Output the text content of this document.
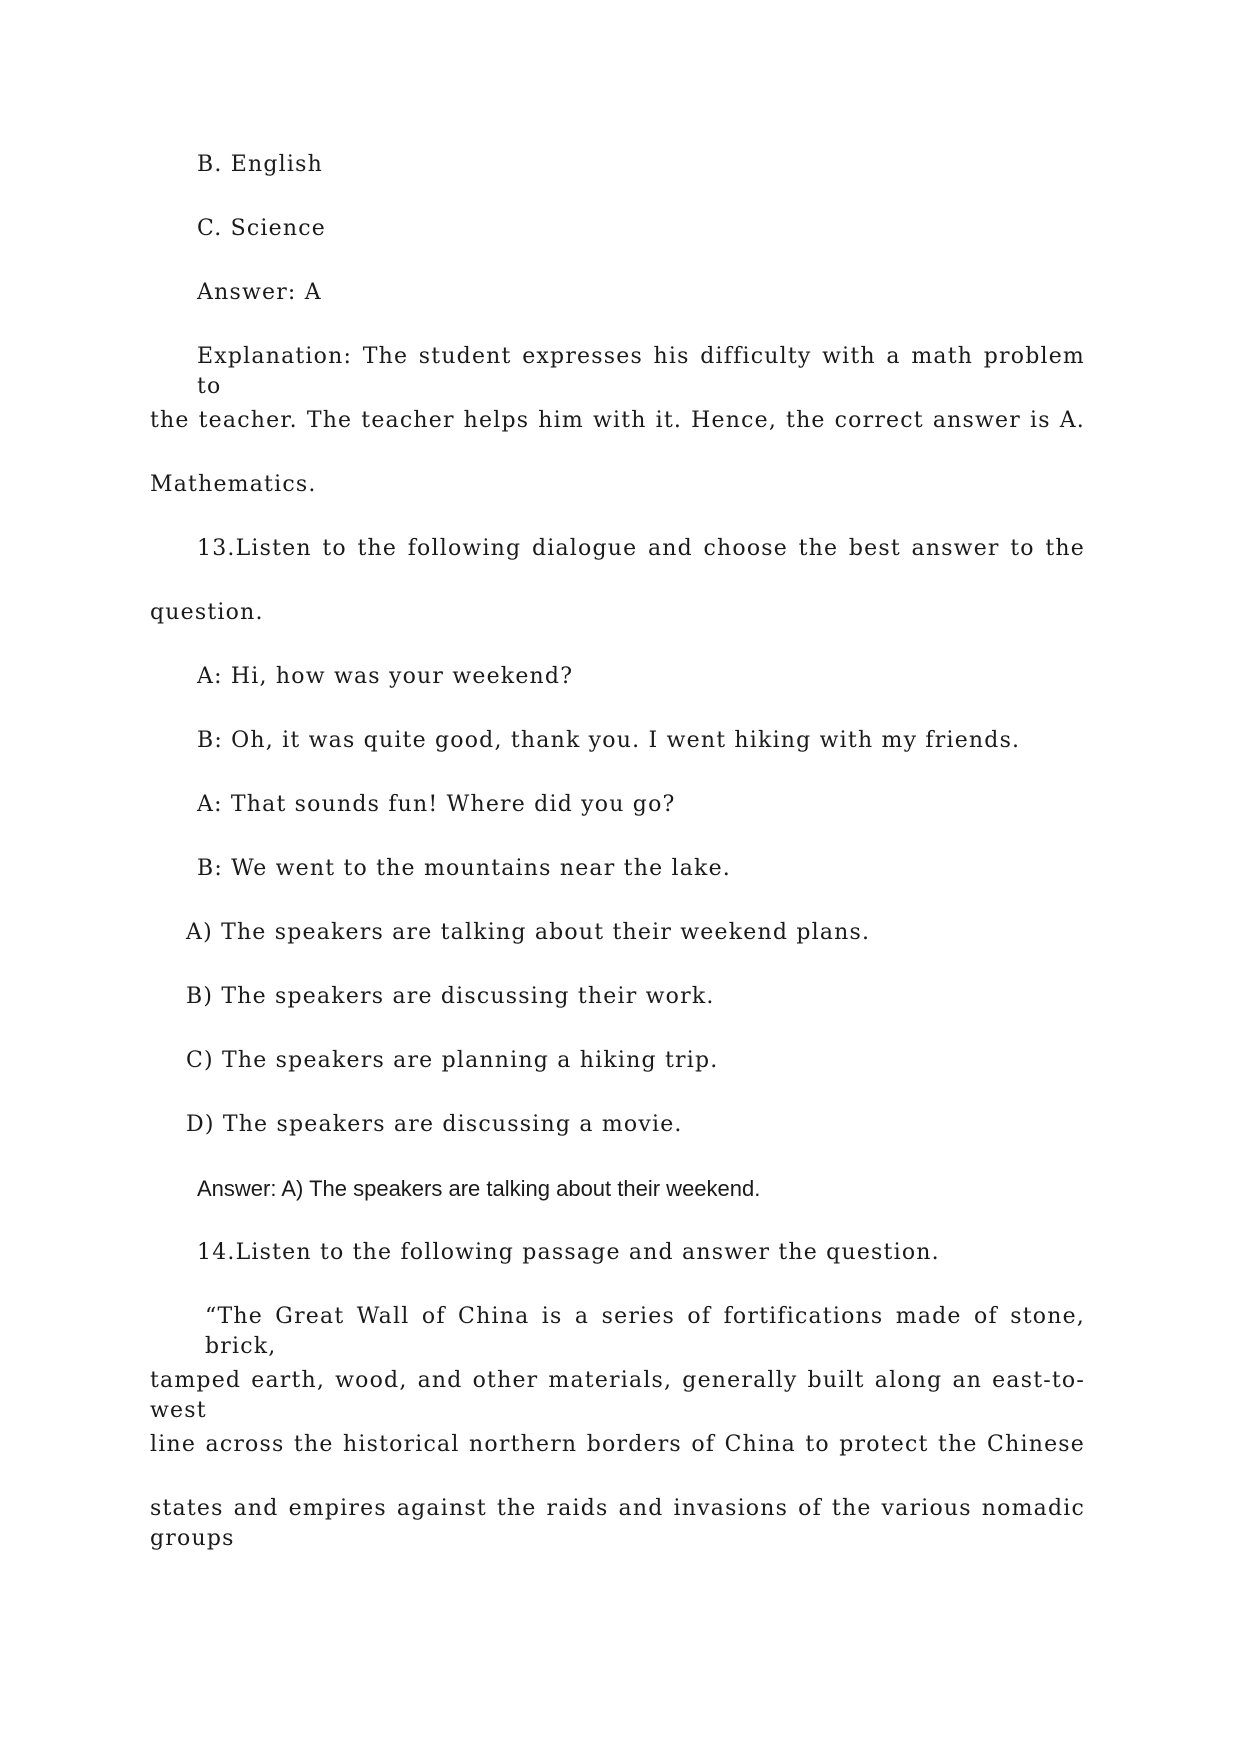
B. English
C. Science
Answer: A
Explanation: The student expresses his difficulty with a math problem to
the teacher. The teacher helps him with it. Hence, the correct answer is A.
Mathematics.
13.Listen to the following dialogue and choose the best answer to the
question.
A: Hi, how was your weekend?
B: Oh, it was quite good, thank you. I went hiking with my friends.
A: That sounds fun! Where did you go?
B: We went to the mountains near the lake.
A) The speakers are talking about their weekend plans.
B) The speakers are discussing their work.
C) The speakers are planning a hiking trip.
D) The speakers are discussing a movie.
Answer: A) The speakers are talking about their weekend.
14.Listen to the following passage and answer the question.
“The Great Wall of China is a series of fortifications made of stone, brick,
tamped earth, wood, and other materials, generally built along an east-to-west
line across the historical northern borders of China to protect the Chinese
states and empires against the raids and invasions of the various nomadic groups
